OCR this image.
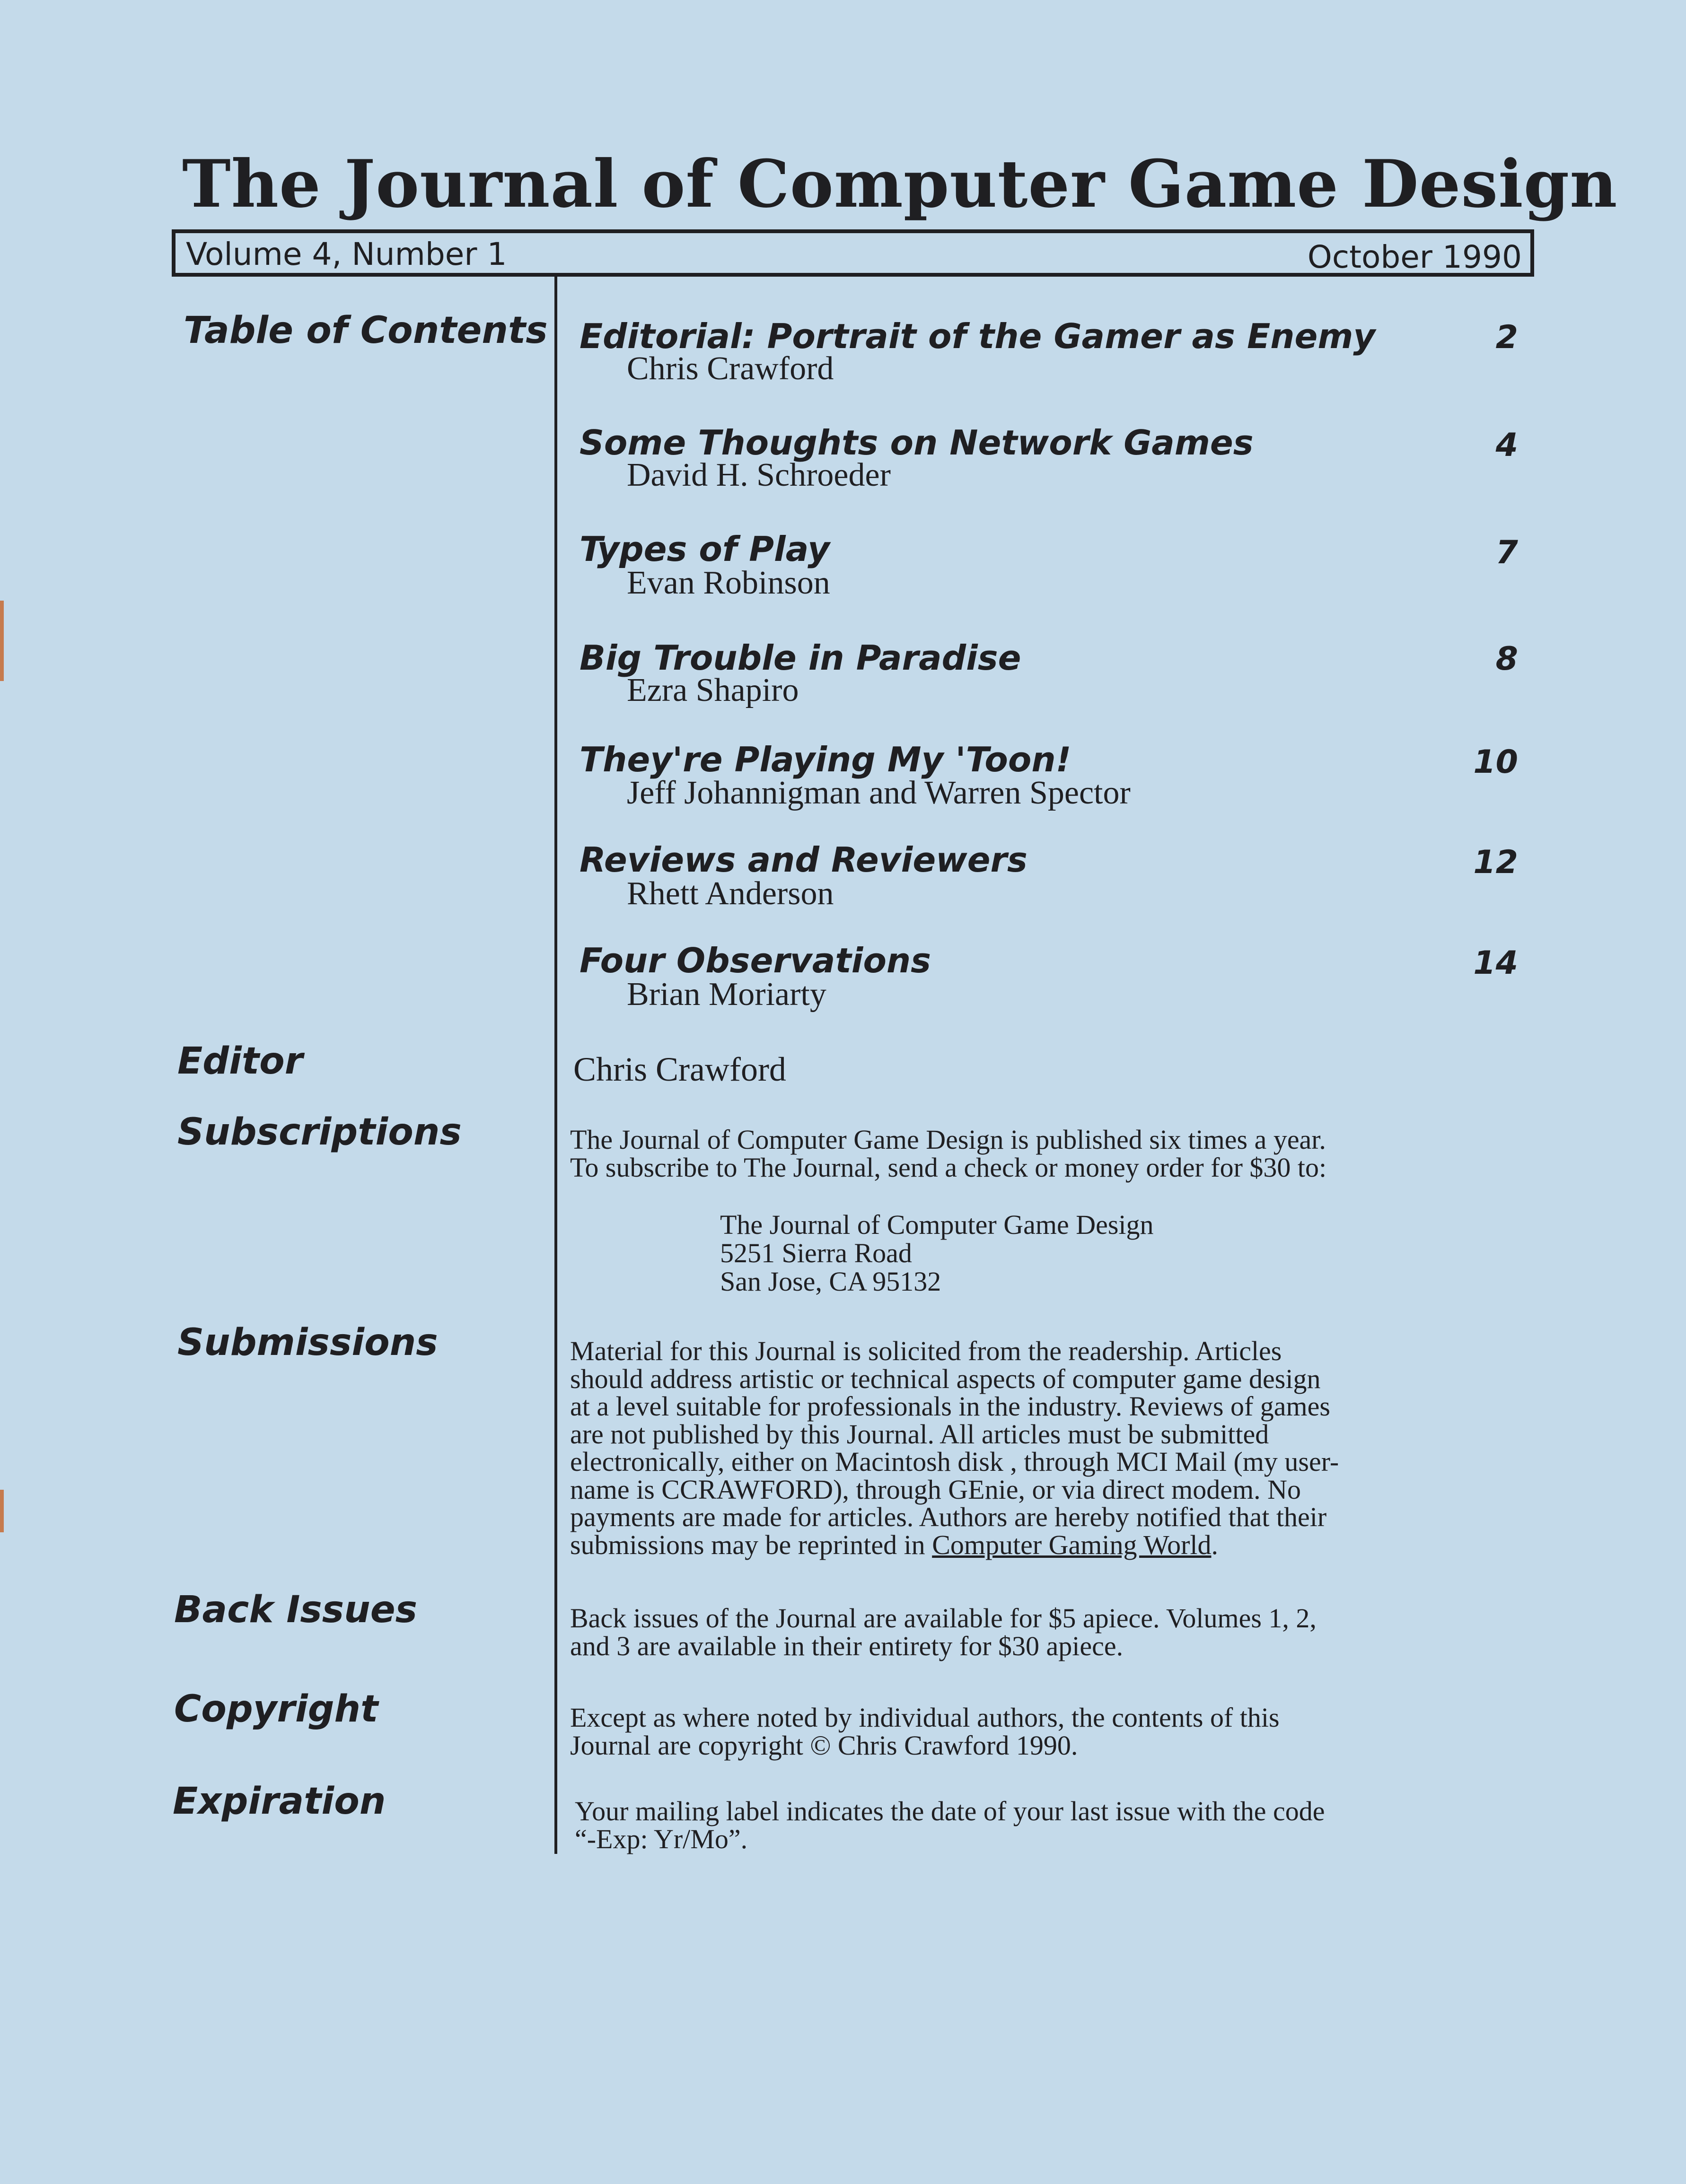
The Journal of Computer Game Design
Volume 4, Number 1	October 1990
Table of Contents
Editor
Subscriptions
Submissions
Back Issues
Copyright
Expiration
Editorial: Portrait of the Gamer as Enemy
Chris Crawford
2
Some Thoughts on Network Games
David H. Schroeder
4
Types of Play
Evan Robinson
7
Big Trouble in Paradise
Ezra Shapiro
8
They're Playing My 'Toon!
Jeff Johannigman and Warren Spector
10
Reviews and Reviewers
Rhett Anderson
12
Four Observations
Brian Moriarty
14
Chris Crawford
The Journal of Computer Game Design is published six times a year.
To subscribe to The Journal, send a check or money order for $30 to:
The Journal of Computer Game Design
5251 Sierra Road
San Jose, CA 95132
Material for this Journal is solicited from the readership. Articles
should address artistic or technical aspects of computer game design
at a level suitable for professionals in the industry. Reviews of games
are not published by this Journal. All articles must be submitted
electronically, either on Macintosh disk , through MCI Mail (my user-
name is CCRAWFORD), through GEnie, or via direct modem. No
payments are made for articles. Authors are hereby notified that their
submissions may be reprinted in Computer Gaming World.
Back issues of the Journal are available for $5 apiece. Volumes 1, 2,
and 3 are available in their entirety for $30 apiece.
Except as where noted by individual authors, the contents of this
Journal are copyright © Chris Crawford 1990.
Your mailing label indicates the date of your last issue with the code
“-Exp: Yr/Mo”.
